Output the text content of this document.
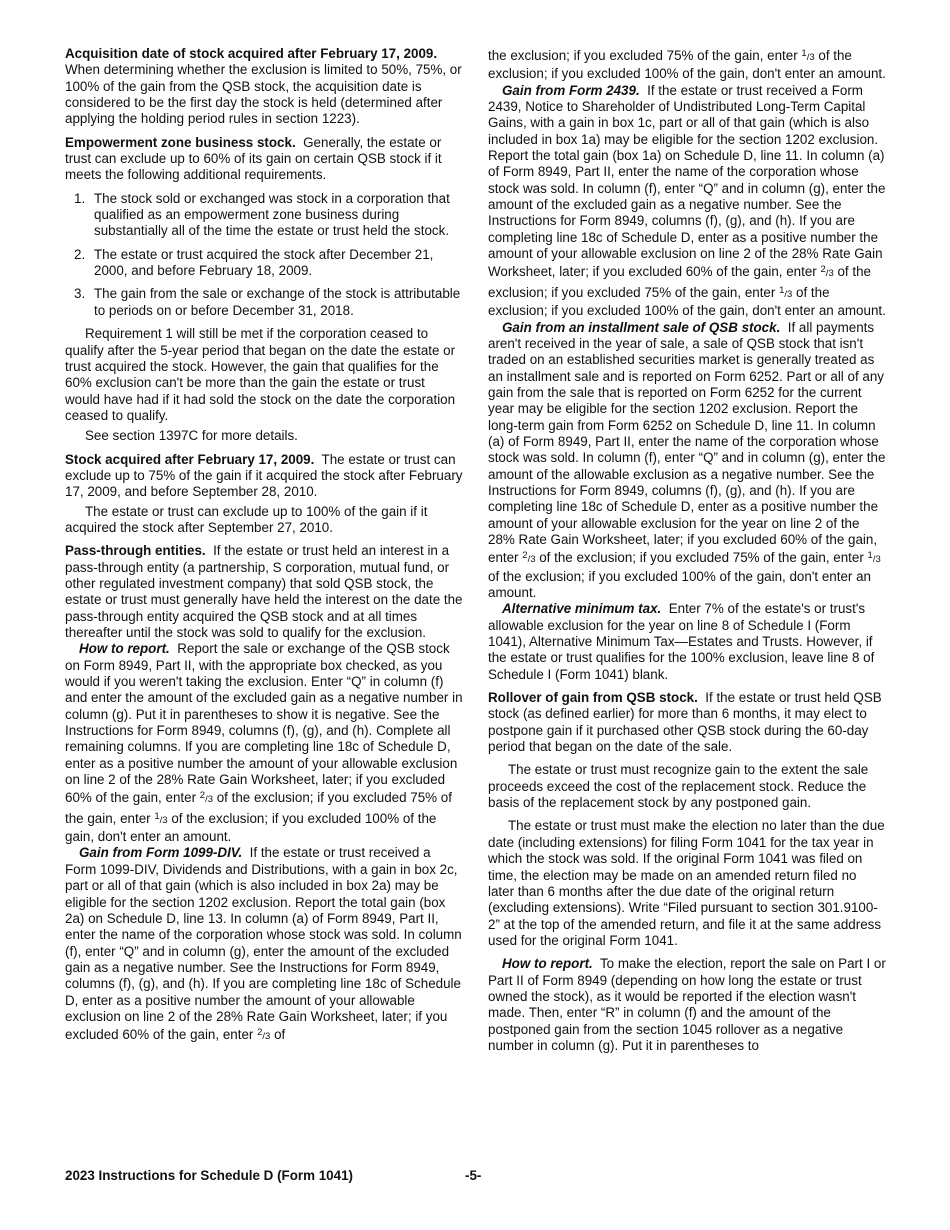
Acquisition date of stock acquired after February 17, 2009.  When determining whether the exclusion is limited to 50%, 75%, or 100% of the gain from the QSB stock, the acquisition date is considered to be the first day the stock is held (determined after applying the holding period rules in section 1223).

Empowerment zone business stock. Generally, the estate or trust can exclude up to 60% of its gain on certain QSB stock if it meets the following additional requirements.

1. The stock sold or exchanged was stock in a corporation that qualified as an empowerment zone business during substantially all of the time the estate or trust held the stock.
2. The estate or trust acquired the stock after December 21, 2000, and before February 18, 2009.
3. The gain from the sale or exchange of the stock is attributable to periods on or before December 31, 2018.

Requirement 1 will still be met if the corporation ceased to qualify after the 5-year period that began on the date the estate or trust acquired the stock. However, the gain that qualifies for the 60% exclusion can't be more than the gain the estate or trust would have had if it had sold the stock on the date the corporation ceased to qualify.

See section 1397C for more details.

Stock acquired after February 17, 2009. The estate or trust can exclude up to 75% of the gain if it acquired the stock after February 17, 2009, and before September 28, 2010.

The estate or trust can exclude up to 100% of the gain if it acquired the stock after September 27, 2010.

Pass-through entities. If the estate or trust held an interest in a pass-through entity (a partnership, S corporation, mutual fund, or other regulated investment company) that sold QSB stock, the estate or trust must generally have held the interest on the date the pass-through entity acquired the QSB stock and at all times thereafter until the stock was sold to qualify for the exclusion.

How to report. Report the sale or exchange of the QSB stock on Form 8949, Part II, with the appropriate box checked, as you would if you weren't taking the exclusion. Enter “Q” in column (f) and enter the amount of the excluded gain as a negative number in column (g). Put it in parentheses to show it is negative. See the Instructions for Form 8949, columns (f), (g), and (h). Complete all remaining columns. If you are completing line 18c of Schedule D, enter as a positive number the amount of your allowable exclusion on line 2 of the 28% Rate Gain Worksheet, later; if you excluded 60% of the gain, enter 2/3 of the exclusion; if you excluded 75% of the gain, enter 1/3 of the exclusion; if you excluded 100% of the gain, don't enter an amount.

Gain from Form 1099-DIV. If the estate or trust received a Form 1099-DIV, Dividends and Distributions, with a gain in box 2c, part or all of that gain (which is also included in box 2a) may be eligible for the section 1202 exclusion. Report the total gain (box 2a) on Schedule D, line 13. In column (a) of Form 8949, Part II, enter the name of the corporation whose stock was sold. In column (f), enter “Q” and in column (g), enter the amount of the excluded gain as a negative number. See the Instructions for Form 8949, columns (f), (g), and (h). If you are completing line 18c of Schedule D, enter as a positive number the amount of your allowable exclusion on line 2 of the 28% Rate Gain Worksheet, later; if you excluded 60% of the gain, enter 2/3 of

the exclusion; if you excluded 75% of the gain, enter 1/3 of the exclusion; if you excluded 100% of the gain, don't enter an amount.

Gain from Form 2439. If the estate or trust received a Form 2439, Notice to Shareholder of Undistributed Long-Term Capital Gains, with a gain in box 1c, part or all of that gain (which is also included in box 1a) may be eligible for the section 1202 exclusion. Report the total gain (box 1a) on Schedule D, line 11. In column (a) of Form 8949, Part II, enter the name of the corporation whose stock was sold. In column (f), enter “Q” and in column (g), enter the amount of the excluded gain as a negative number. See the Instructions for Form 8949, columns (f), (g), and (h). If you are completing line 18c of Schedule D, enter as a positive number the amount of your allowable exclusion on line 2 of the 28% Rate Gain Worksheet, later; if you excluded 60% of the gain, enter 2/3 of the exclusion; if you excluded 75% of the gain, enter 1/3 of the exclusion; if you excluded 100% of the gain, don't enter an amount.

Gain from an installment sale of QSB stock. If all payments aren't received in the year of sale, a sale of QSB stock that isn't traded on an established securities market is generally treated as an installment sale and is reported on Form 6252. Part or all of any gain from the sale that is reported on Form 6252 for the current year may be eligible for the section 1202 exclusion. Report the long-term gain from Form 6252 on Schedule D, line 11. In column (a) of Form 8949, Part II, enter the name of the corporation whose stock was sold. In column (f), enter “Q” and in column (g), enter the amount of the allowable exclusion as a negative number. See the Instructions for Form 8949, columns (f), (g), and (h). If you are completing line 18c of Schedule D, enter as a positive number the amount of your allowable exclusion for the year on line 2 of the 28% Rate Gain Worksheet, later; if you excluded 60% of the gain, enter 2/3 of the exclusion; if you excluded 75% of the gain, enter 1/3 of the exclusion; if you excluded 100% of the gain, don't enter an amount.

Alternative minimum tax. Enter 7% of the estate's or trust's allowable exclusion for the year on line 8 of Schedule I (Form 1041), Alternative Minimum Tax—Estates and Trusts. However, if the estate or trust qualifies for the 100% exclusion, leave line 8 of Schedule I (Form 1041) blank.

Rollover of gain from QSB stock. If the estate or trust held QSB stock (as defined earlier) for more than 6 months, it may elect to postpone gain if it purchased other QSB stock during the 60-day period that began on the date of the sale.

The estate or trust must recognize gain to the extent the sale proceeds exceed the cost of the replacement stock. Reduce the basis of the replacement stock by any postponed gain.

The estate or trust must make the election no later than the due date (including extensions) for filing Form 1041 for the tax year in which the stock was sold. If the original Form 1041 was filed on time, the election may be made on an amended return filed no later than 6 months after the due date of the original return (excluding extensions). Write “Filed pursuant to section 301.9100-2” at the top of the amended return, and file it at the same address used for the original Form 1041.

How to report. To make the election, report the sale on Part I or Part II of Form 8949 (depending on how long the estate or trust owned the stock), as it would be reported if the election wasn't made. Then, enter “R” in column (f) and the amount of the postponed gain from the section 1045 rollover as a negative number in column (g). Put it in parentheses to

2023 Instructions for Schedule D (Form 1041)	-5-
